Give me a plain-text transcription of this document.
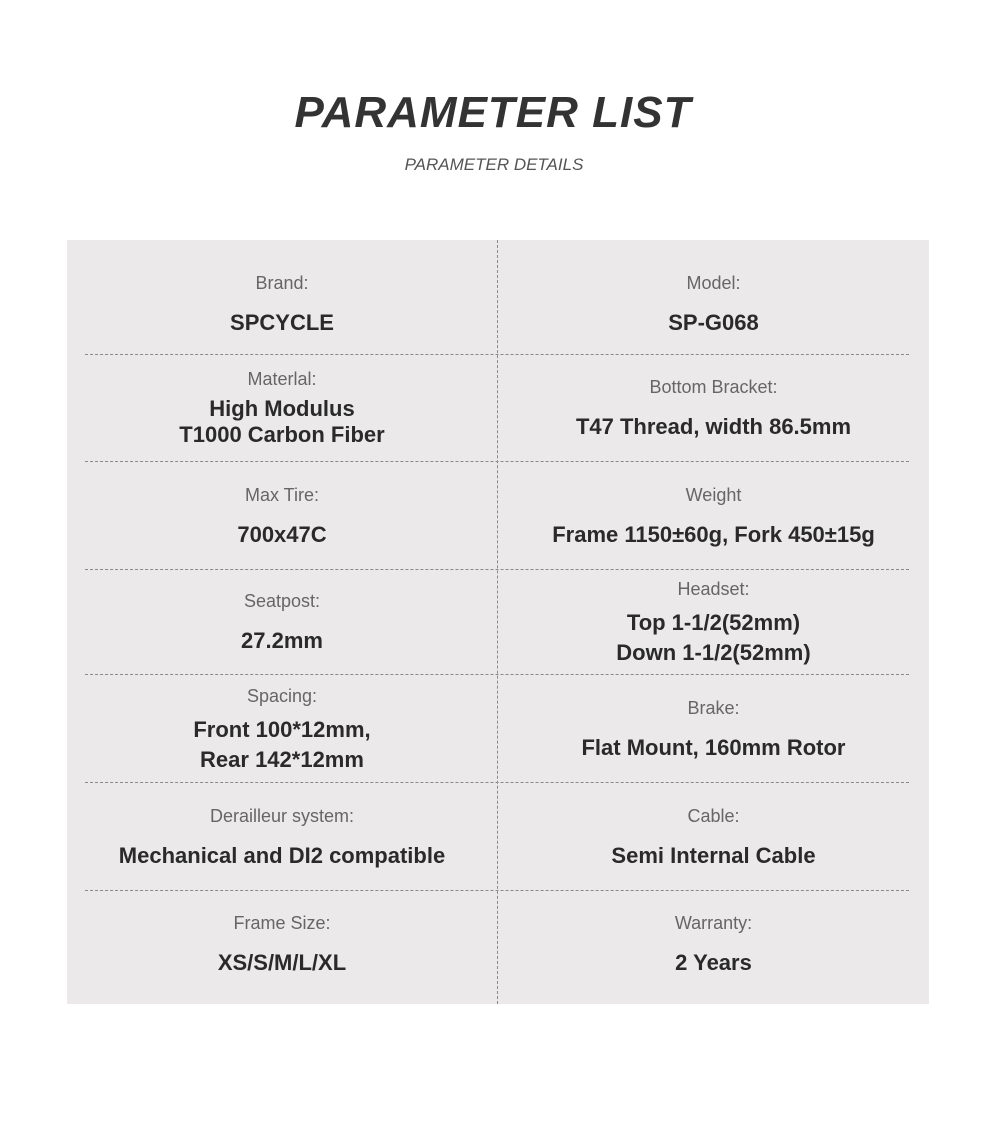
PARAMETER LIST
PARAMETER DETAILS
Brand:
SPCYCLE
Model:
SP-G068
Materlal:
High Modulus
T1000 Carbon Fiber
Bottom Bracket:
T47 Thread, width 86.5mm
Max Tire:
700x47C
Weight
Frame 1150±60g, Fork 450±15g
Seatpost:
27.2mm
Headset:
Top 1-1/2(52mm)
Down 1-1/2(52mm)
Spacing:
Front 100*12mm,
Rear 142*12mm
Brake:
Flat Mount, 160mm Rotor
Derailleur system:
Mechanical and DI2 compatible
Cable:
Semi Internal Cable
Frame Size:
XS/S/M/L/XL
Warranty:
2 Years
